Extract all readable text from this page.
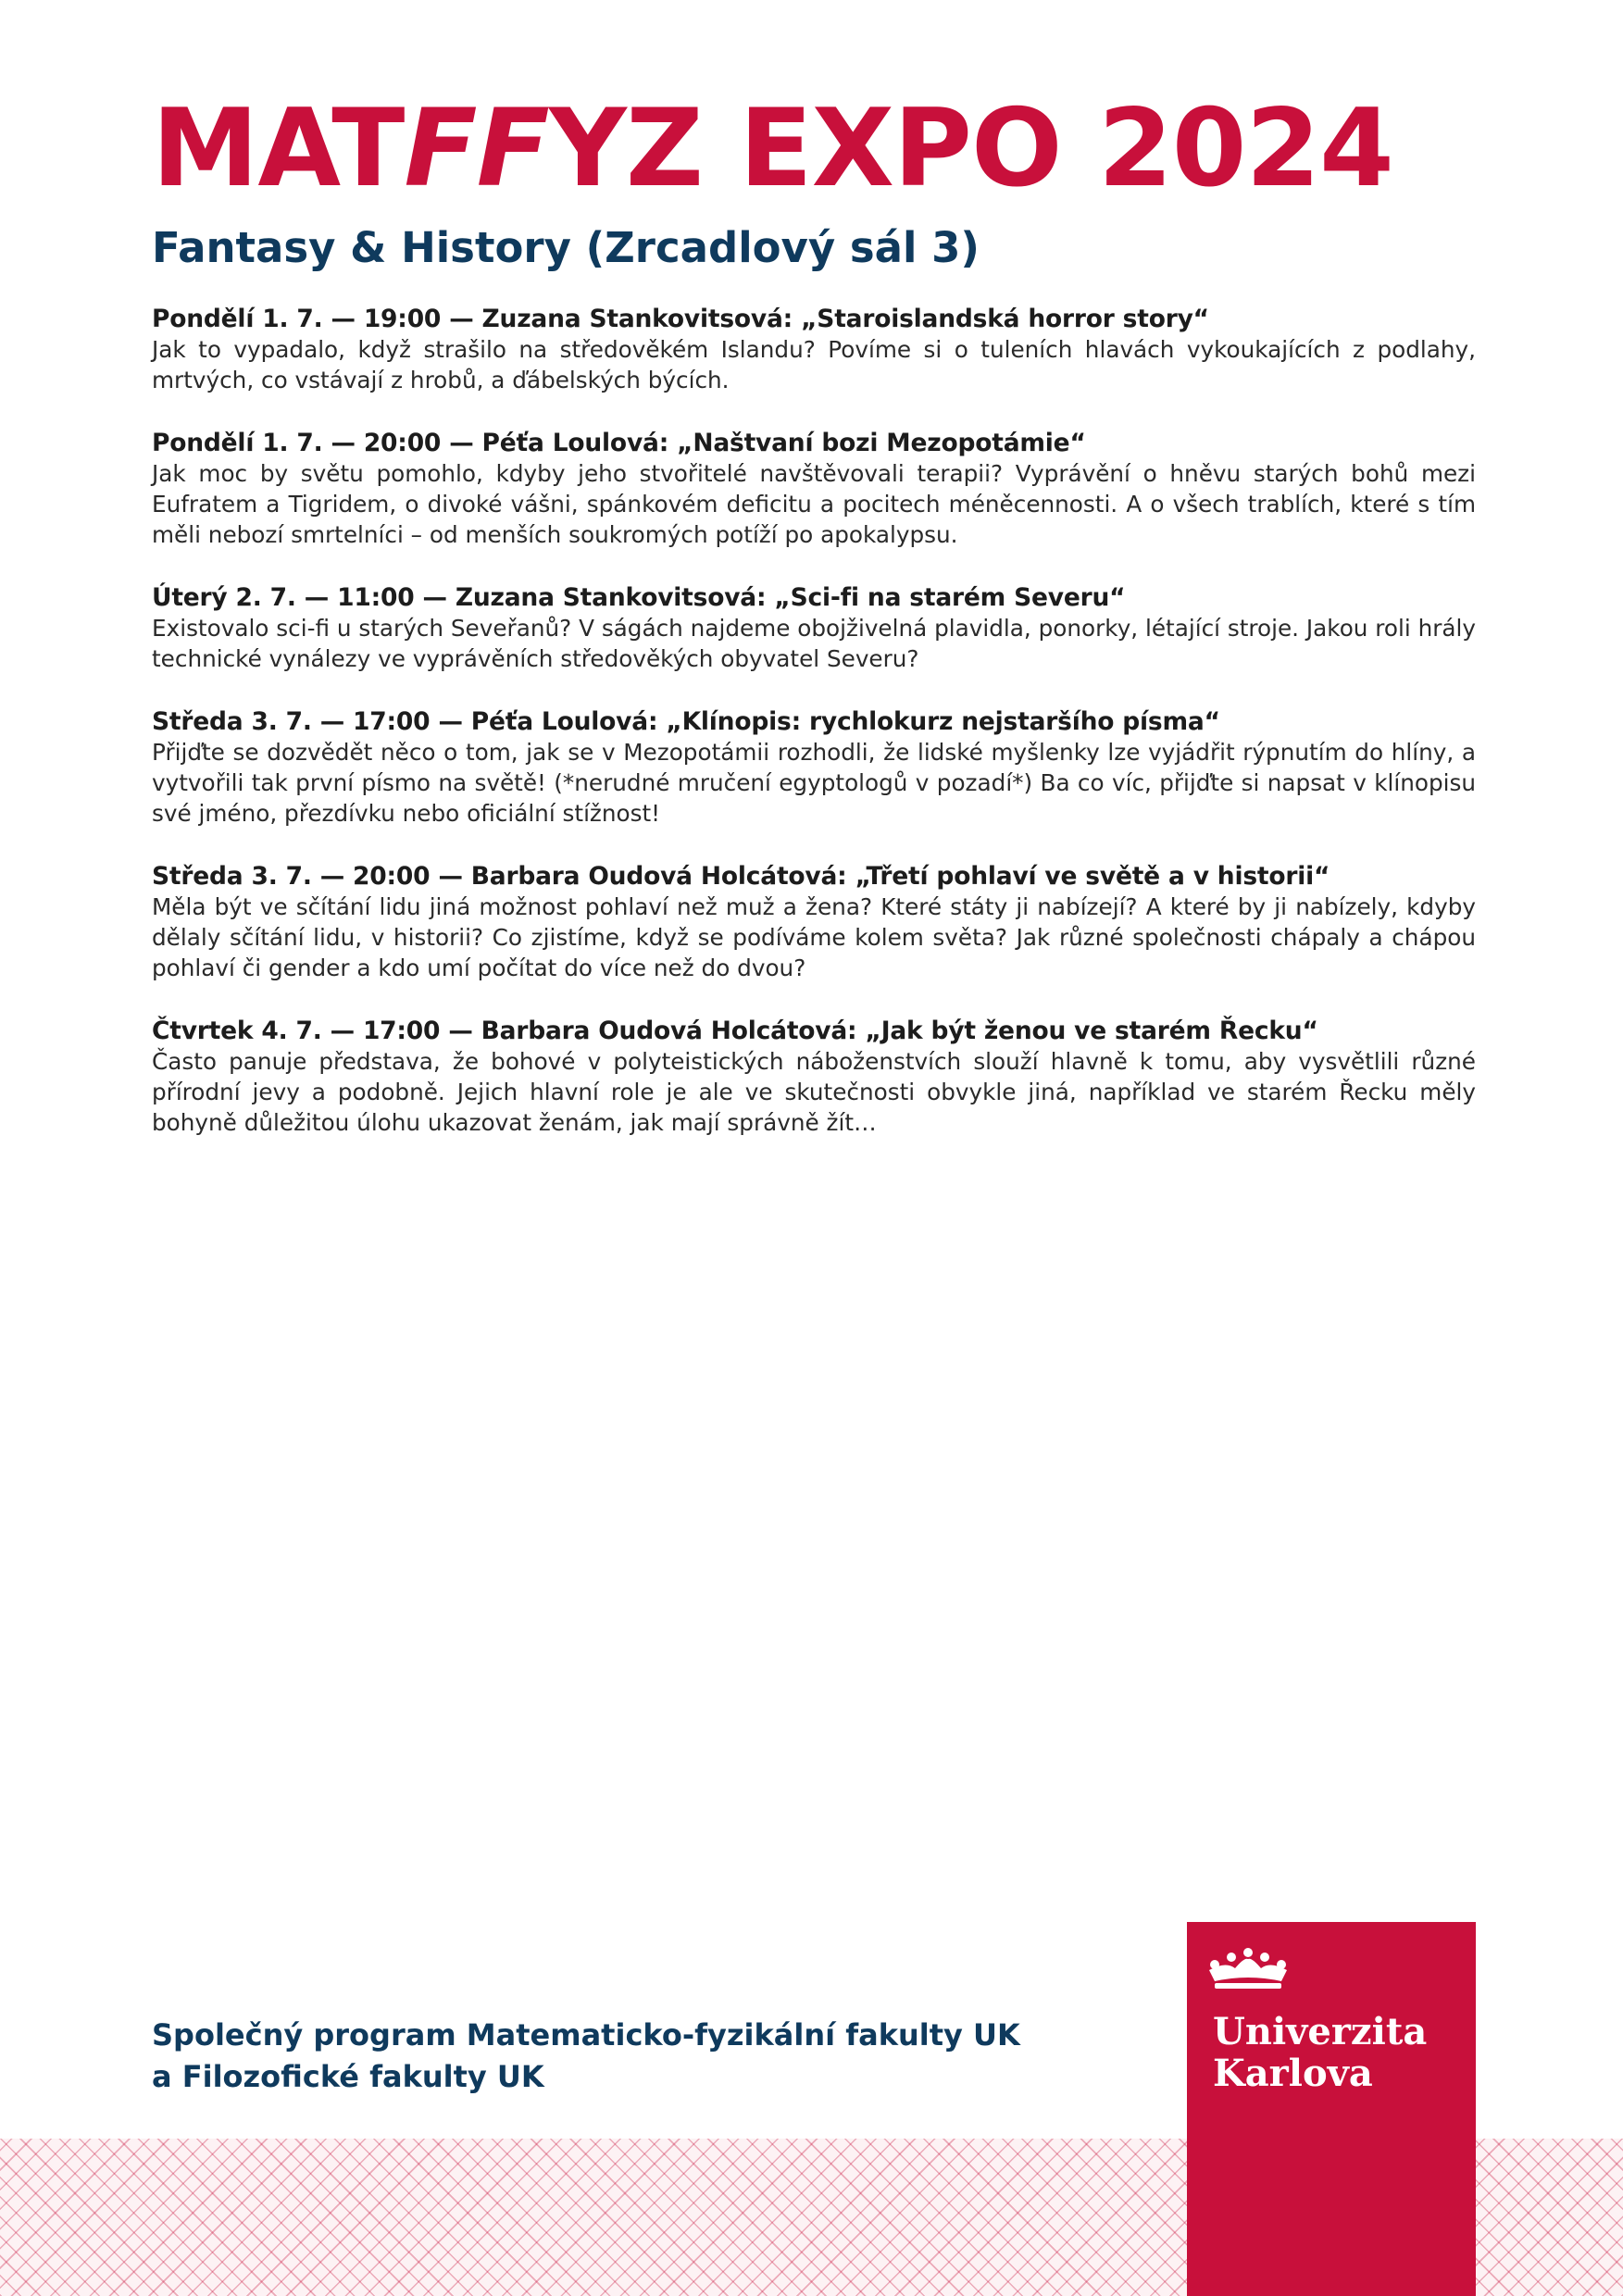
MATFFYZ EXPO 2024
Fantasy & History (Zrcadlový sál 3)

Pondělí 1. 7. — 19:00 — Zuzana Stankovitsová: „Staroislandská horror story“

Jak to vypadalo, když strašilo na středověkém Islandu? Povíme si o tuleních hlavách vykoukajících z podlahy, mrtvých, co vstávají z hrobů, a ďábelských býcích.

Pondělí 1. 7. — 20:00 — Péťa Loulová: „Naštvaní bozi Mezopotámie“

Jak moc by světu pomohlo, kdyby jeho stvořitelé navštěvovali terapii? Vyprávění o hněvu starých bohů mezi Eufratem a Tigridem, o divoké vášni, spánkovém deficitu a pocitech méněcennosti. A o všech trablích, které s tím měli nebozí smrtelníci – od menších soukromých potíží po apokalypsu.

Úterý 2. 7. — 11:00 — Zuzana Stankovitsová: „Sci-fi na starém Severu“

Existovalo sci-fi u starých Seveřanů? V ságách najdeme obojživelná plavidla, ponorky, létající stroje. Jakou roli hrály technické vynálezy ve vyprávěních středověkých obyvatel Severu?

Středa 3. 7. — 17:00 — Péťa Loulová: „Klínopis: rychlokurz nejstaršího písma“

Přijďte se dozvědět něco o tom, jak se v Mezopotámii rozhodli, že lidské myšlenky lze vyjádřit rýpnutím do hlíny, a vytvořili tak první písmo na světě! (*nerudné mručení egyptologů v pozadí*) Ba co víc, přijďte si napsat v klínopisu své jméno, přezdívku nebo oficiální stížnost!

Středa 3. 7. — 20:00 — Barbara Oudová Holcátová: „Třetí pohlaví ve světě a v historii“

Měla být ve sčítání lidu jiná možnost pohlaví než muž a žena? Které státy ji nabízejí? A které by ji nabízely, kdyby dělaly sčítání lidu, v historii? Co zjistíme, když se podíváme kolem světa? Jak různé společnosti chápaly a chápou pohlaví či gender a kdo umí počítat do více než do dvou?

Čtvrtek 4. 7. — 17:00 — Barbara Oudová Holcátová: „Jak být ženou ve starém Řecku“

Často panuje představa, že bohové v polyteistických náboženstvích slouží hlavně k tomu, aby vysvětlili různé přírodní jevy a podobně. Jejich hlavní role je ale ve skutečnosti obvykle jiná, například ve starém Řecku měly bohyně důležitou úlohu ukazovat ženám, jak mají správně žít…

Společný program Matematicko-fyzikální fakulty UK
a Filozofické fakulty UK

Univerzita
Karlova
